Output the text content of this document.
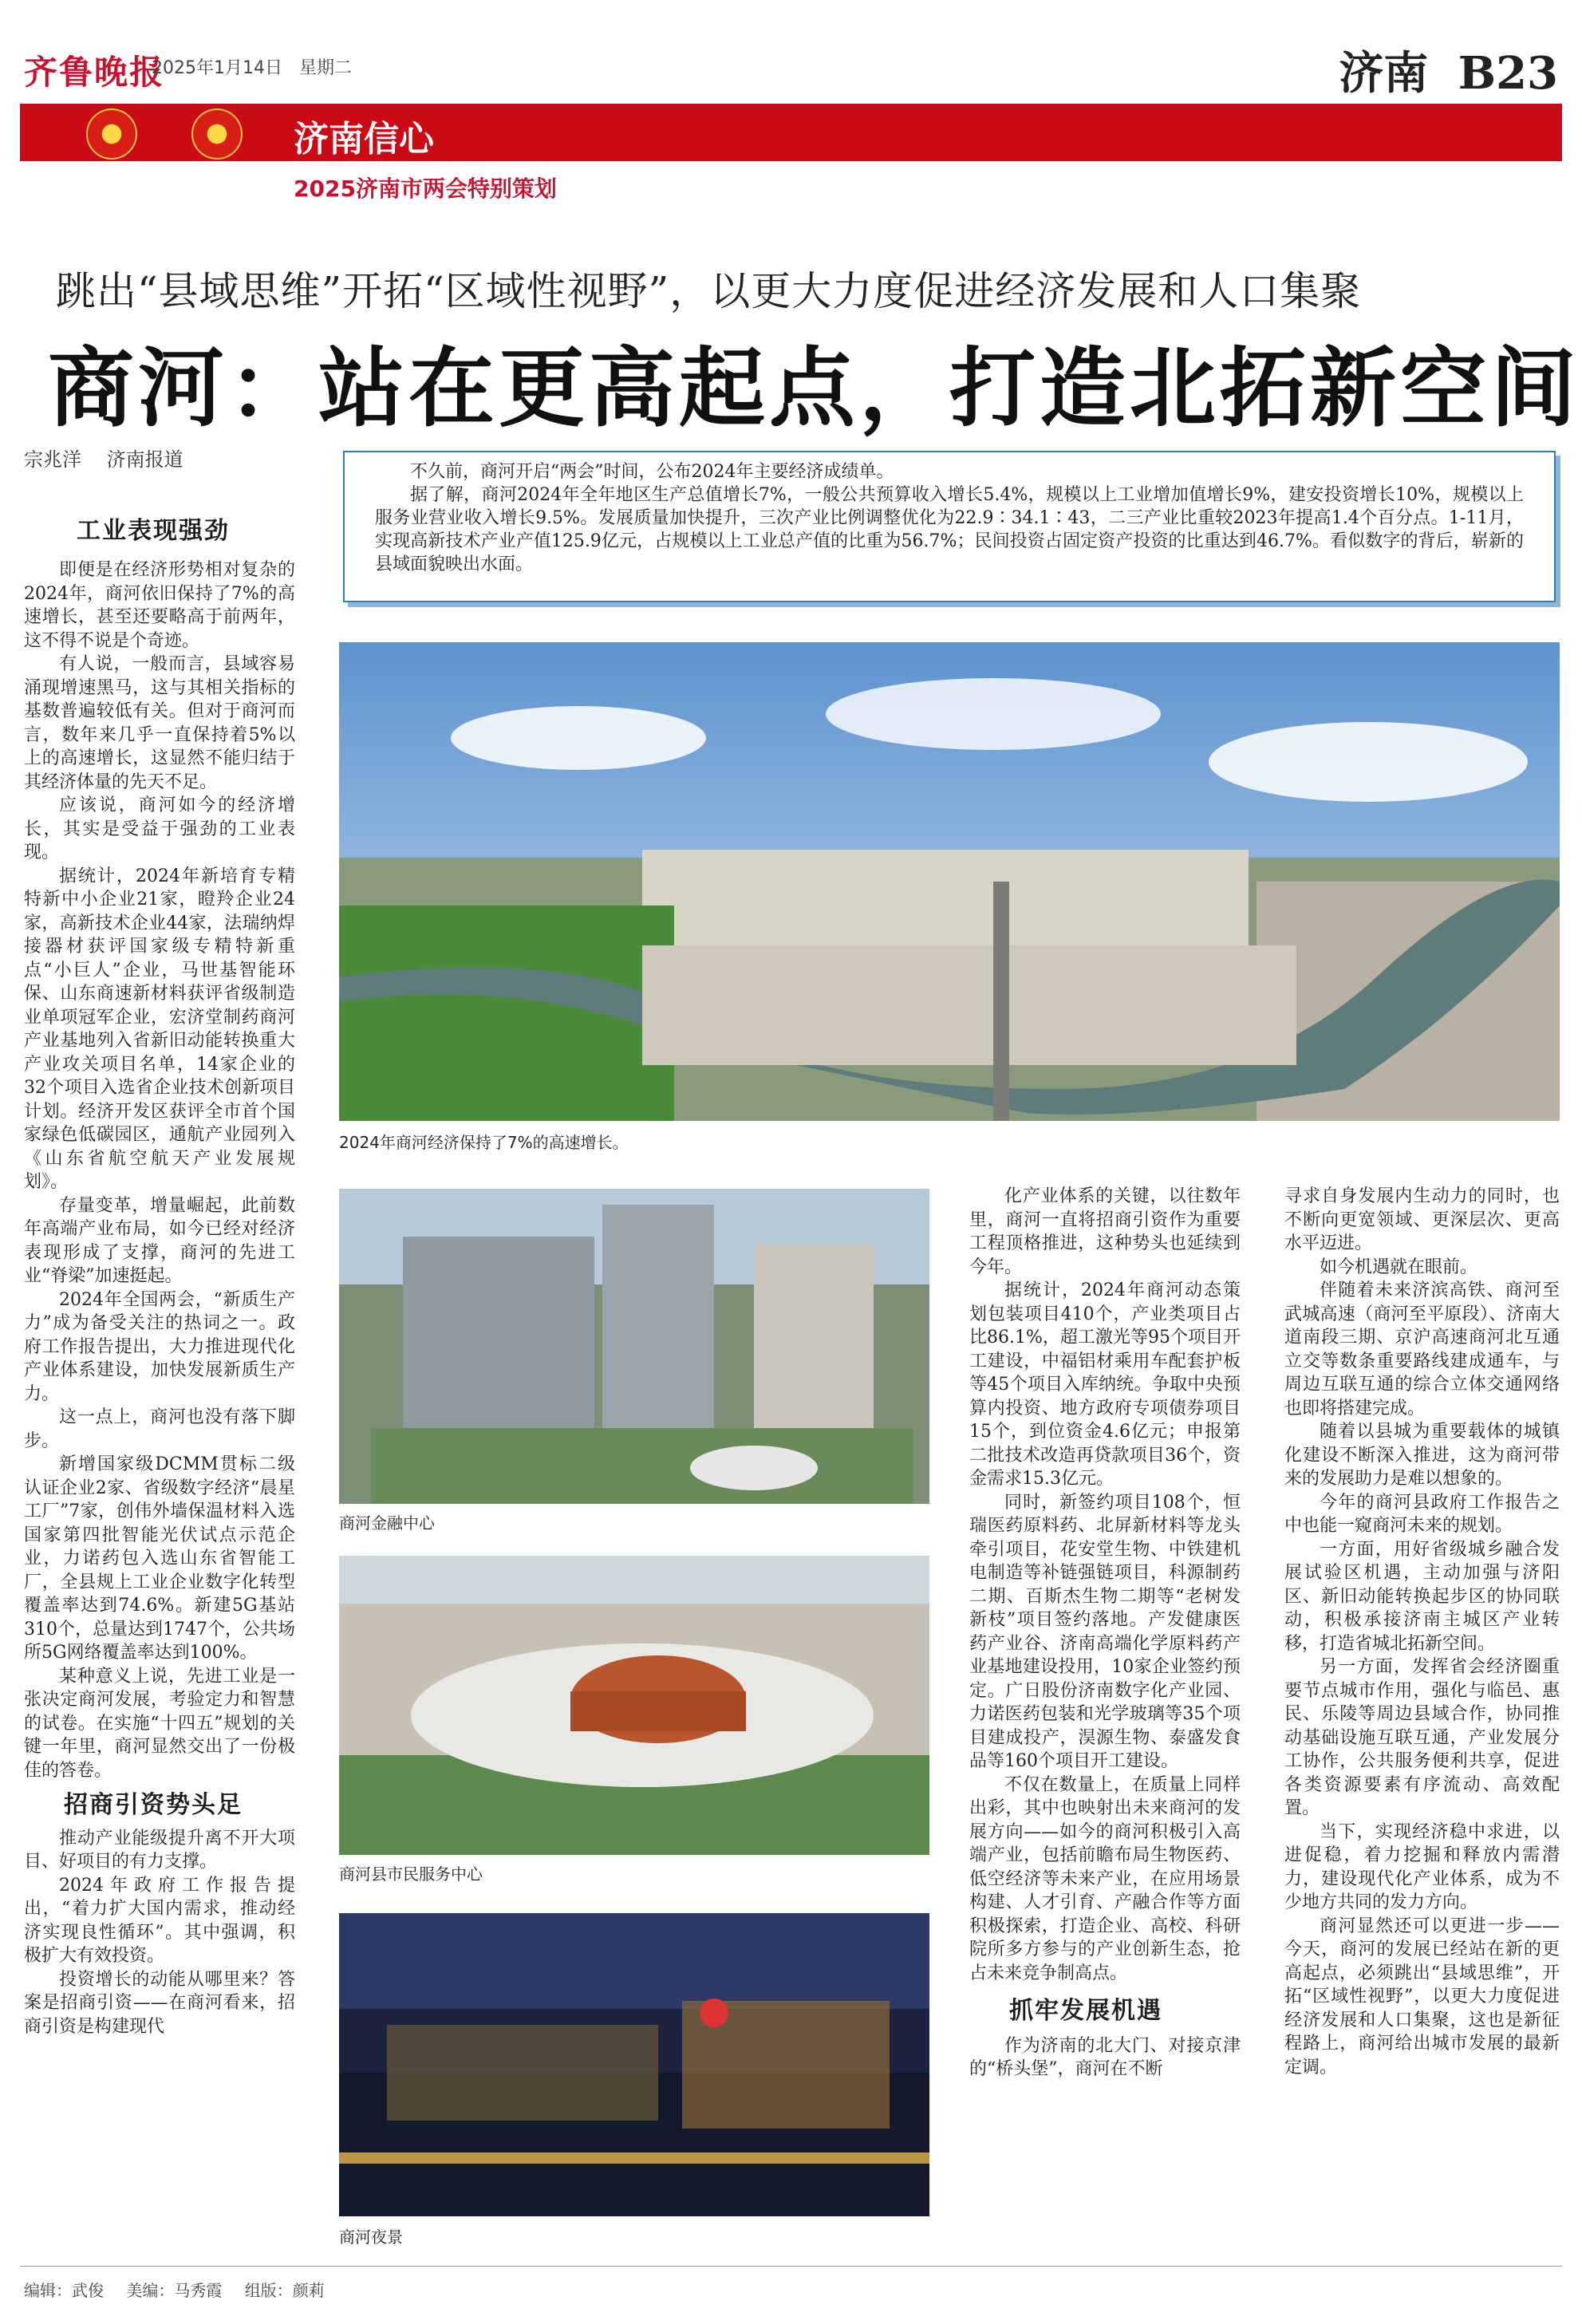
齐鲁晚报
2025年1月14日 星期二	济南 B23
济南信心
2025济南市两会特别策划
跳出“县域思维”开拓“区域性视野”，以更大力度促进经济发展和人口集聚
商河：站在更高起点，打造北拓新空间
宗兆洋 济南报道

不久前，商河开启“两会”时间，公布2024年主要经济成绩单。

据了解，商河2024年全年地区生产总值增长7%，一般公共预算收入增长5.4%，规模以上工业增加值增长9%，建安投资增长10%，规模以上服务业营业收入增长9.5%。发展质量加快提升，三次产业比例调整优化为22.9∶34.1∶43，二三产业比重较2023年提高1.4个百分点。1-11月，实现高新技术产业产值125.9亿元，占规模以上工业总产值的比重为56.7%；民间投资占固定资产投资的比重达到46.7%。看似数字的背后，崭新的县域面貌映出水面。

2024年商河经济保持了7%的高速增长。
工业表现强劲

即便是在经济形势相对复杂的2024年，商河依旧保持了7%的高速增长，甚至还要略高于前两年，这不得不说是个奇迹。

有人说，一般而言，县域容易涌现增速黑马，这与其相关指标的基数普遍较低有关。但对于商河而言，数年来几乎一直保持着5%以上的高速增长，这显然不能归结于其经济体量的先天不足。

应该说，商河如今的经济增长，其实是受益于强劲的工业表现。

据统计，2024年新培育专精特新中小企业21家，瞪羚企业24家，高新技术企业44家，法瑞纳焊接器材获评国家级专精特新重点“小巨人”企业，马世基智能环保、山东商速新材料获评省级制造业单项冠军企业，宏济堂制药商河产业基地列入省新旧动能转换重大产业攻关项目名单，14家企业的32个项目入选省企业技术创新项目计划。经济开发区获评全市首个国家绿色低碳园区，通航产业园列入《山东省航空航天产业发展规划》。

存量变革，增量崛起，此前数年高端产业布局，如今已经对经济表现形成了支撑，商河的先进工业“脊梁”加速挺起。

2024年全国两会，“新质生产力”成为备受关注的热词之一。政府工作报告提出，大力推进现代化产业体系建设，加快发展新质生产力。

这一点上，商河也没有落下脚步。

新增国家级DCMM贯标二级认证企业2家、省级数字经济“晨星工厂”7家，创伟外墙保温材料入选国家第四批智能光伏试点示范企业，力诺药包入选山东省智能工厂，全县规上工业企业数字化转型覆盖率达到74.6%。新建5G基站310个，总量达到1747个，公共场所5G网络覆盖率达到100%。

某种意义上说，先进工业是一张决定商河发展，考验定力和智慧的试卷。在实施“十四五”规划的关键一年里，商河显然交出了一份极佳的答卷。

招商引资势头足

推动产业能级提升离不开大项目、好项目的有力支撑。

2024年政府工作报告提出，“着力扩大国内需求，推动经济实现良性循环”。其中强调，积极扩大有效投资。

投资增长的动能从哪里来？答案是招商引资——在商河看来，招商引资是构建现代

商河金融中心
商河县市民服务中心
商河夜景

化产业体系的关键，以往数年里，商河一直将招商引资作为重要工程顶格推进，这种势头也延续到今年。

据统计，2024年商河动态策划包装项目410个，产业类项目占比86.1%，超工激光等95个项目开工建设，中福铝材乘用车配套护板等45个项目入库纳统。争取中央预算内投资、地方政府专项债券项目15个，到位资金4.6亿元；申报第二批技术改造再贷款项目36个，资金需求15.3亿元。

同时，新签约项目108个，恒瑞医药原料药、北屏新材料等龙头牵引项目，花安堂生物、中铁建机电制造等补链强链项目，科源制药二期、百斯杰生物二期等“老树发新枝”项目签约落地。产发健康医药产业谷、济南高端化学原料药产业基地建设投用，10家企业签约预定。广日股份济南数字化产业园、力诺医药包装和光学玻璃等35个项目建成投产，淏源生物、泰盛发食品等160个项目开工建设。

不仅在数量上，在质量上同样出彩，其中也映射出未来商河的发展方向——如今的商河积极引入高端产业，包括前瞻布局生物医药、低空经济等未来产业，在应用场景构建、人才引育、产融合作等方面积极探索，打造企业、高校、科研院所多方参与的产业创新生态，抢占未来竞争制高点。

抓牢发展机遇

作为济南的北大门、对接京津的“桥头堡”，商河在不断

寻求自身发展内生动力的同时，也不断向更宽领域、更深层次、更高水平迈进。

如今机遇就在眼前。

伴随着未来济滨高铁、商河至武城高速（商河至平原段）、济南大道南段三期、京沪高速商河北互通立交等数条重要路线建成通车，与周边互联互通的综合立体交通网络也即将搭建完成。

随着以县城为重要载体的城镇化建设不断深入推进，这为商河带来的发展助力是难以想象的。

今年的商河县政府工作报告之中也能一窥商河未来的规划。

一方面，用好省级城乡融合发展试验区机遇，主动加强与济阳区、新旧动能转换起步区的协同联动，积极承接济南主城区产业转移，打造省城北拓新空间。

另一方面，发挥省会经济圈重要节点城市作用，强化与临邑、惠民、乐陵等周边县域合作，协同推动基础设施互联互通，产业发展分工协作，公共服务便利共享，促进各类资源要素有序流动、高效配置。

当下，实现经济稳中求进，以进促稳，着力挖掘和释放内需潜力，建设现代化产业体系，成为不少地方共同的发力方向。

商河显然还可以更进一步——今天，商河的发展已经站在新的更高起点，必须跳出“县域思维”，开拓“区域性视野”，以更大力度促进经济发展和人口集聚，这也是新征程路上，商河给出城市发展的最新定调。

编辑：武俊 美编：马秀霞 组版：颜莉
